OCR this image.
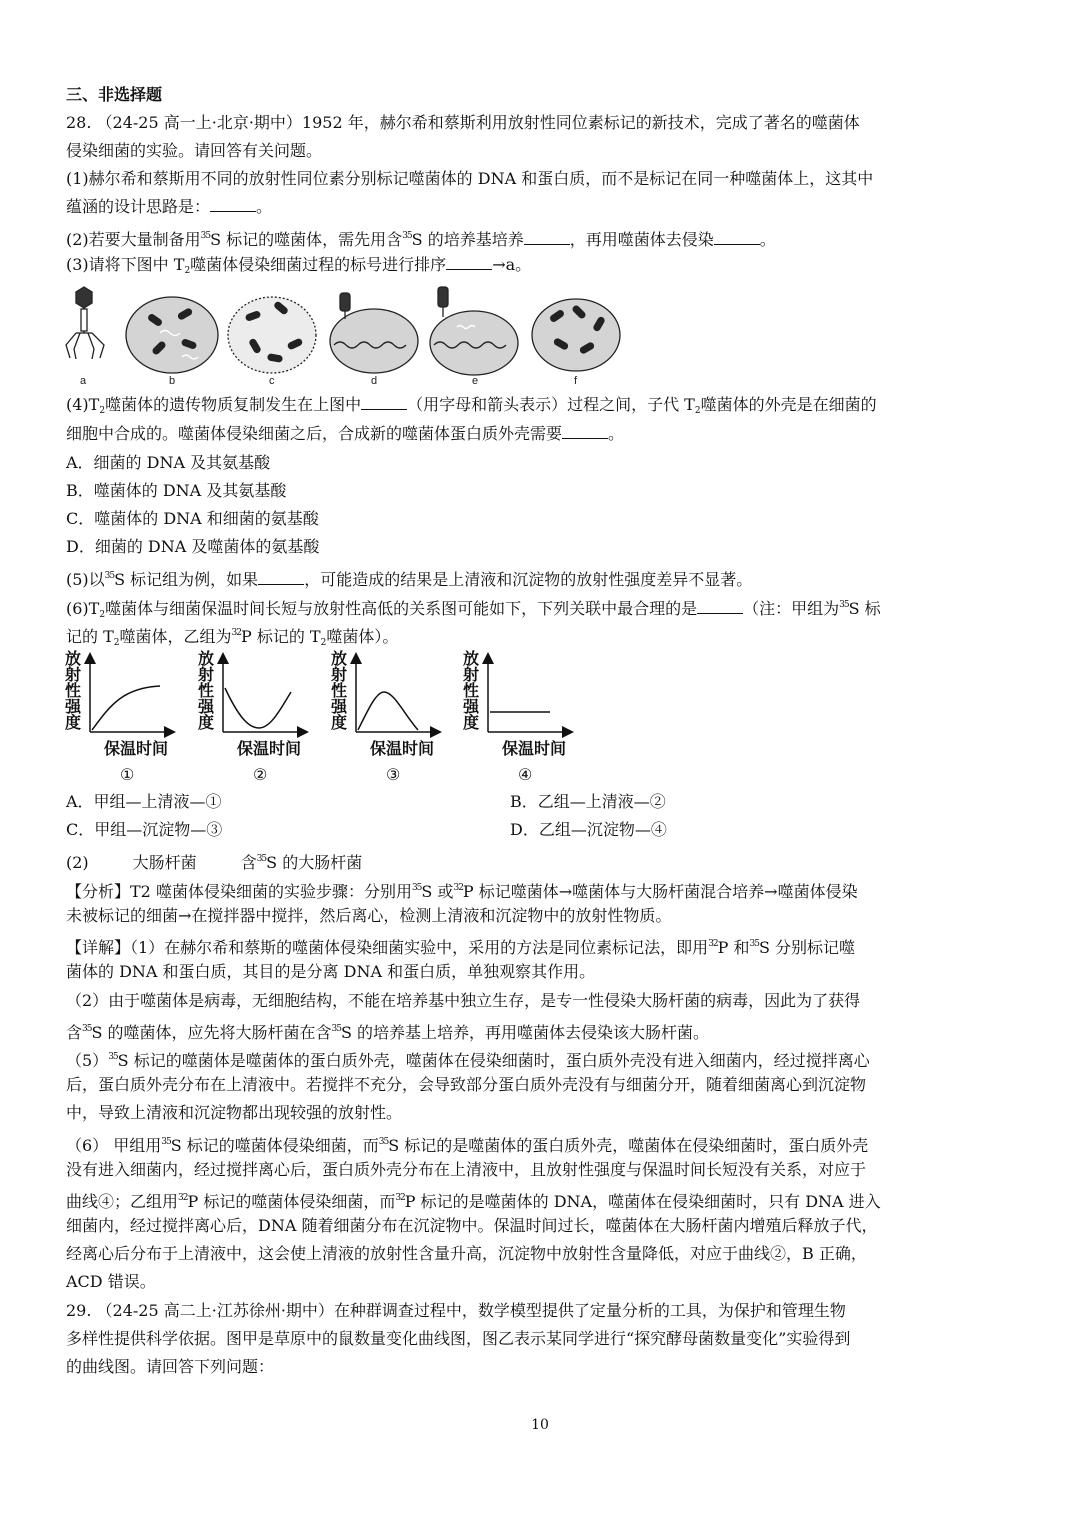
三、非选择题
28. （24-25 高一上·北京·期中）1952 年，赫尔希和蔡斯利用放射性同位素标记的新技术，完成了著名的噬菌体
侵染细菌的实验。请回答有关问题。
(1)赫尔希和蔡斯用不同的放射性同位素分别标记噬菌体的 DNA 和蛋白质，而不是标记在同一种噬菌体上，这其中
蕴涵的设计思路是：	。
(2)若要大量制备用$^{35}$S 标记的噬菌体，需先用含$^{35}$S 的培养基培养	，再用噬菌体去侵染	。
(3)请将下图中 $T_2$噬菌体侵染细菌过程的标号进行排序	→a。
a	b	c	d	e	f
$(4)T_2$噬菌体的遗传物质复制发生在上图中	（用字母和箭头表示）过程之间，子代 $T_2$噬菌体的外壳是在细菌的
细胞中合成的。噬菌体侵染细菌之后，合成新的噬菌体蛋白质外壳需要	。
A．细菌的 DNA 及其氨基酸
B．噬菌体的 DNA 及其氨基酸
C．噬菌体的 DNA 和细菌的氨基酸
D．细菌的 DNA 及噬菌体的氨基酸
(5)以$^{35}$S 标记组为例，如果	，可能造成的结果是上清液和沉淀物的放射性强度差异不显著。
$(6)T_2$噬菌体与细菌保温时间长短与放射性高低的关系图可能如下，下列关联中最合理的是	（注：甲组为$^{35}$S 标
记的 $T_2$噬菌体，乙组为$^{32}$P 标记的 $T_2$噬菌体）。
放射性强度
保温时间
①
放射性强度
保温时间
②
放射性强度
保温时间
③
放射性强度
保温时间
④
A．甲组—上清液—①	B．乙组—上清液—②
C．甲组—沉淀物—③	D．乙组—沉淀物—④
(2)	大肠杆菌	含$^{35}$S 的大肠杆菌
【分析】T2 噬菌体侵染细菌的实验步骤：分别用$^{35}$S 或$^{32}$P 标记噬菌体→噬菌体与大肠杆菌混合培养→噬菌体侵染
未被标记的细菌→在搅拌器中搅拌，然后离心，检测上清液和沉淀物中的放射性物质。
【详解】（1）在赫尔希和蔡斯的噬菌体侵染细菌实验中，采用的方法是同位素标记法，即用$^{32}$P 和$^{35}$S 分别标记噬
菌体的 DNA 和蛋白质，其目的是分离 DNA 和蛋白质，单独观察其作用。
（2）由于噬菌体是病毒，无细胞结构，不能在培养基中独立生存，是专一性侵染大肠杆菌的病毒，因此为了获得
含$^{35}$S 的噬菌体，应先将大肠杆菌在含$^{35}$S 的培养基上培养，再用噬菌体去侵染该大肠杆菌。
$(5)^{35}S$ 标记的噬菌体是噬菌体的蛋白质外壳，噬菌体在侵染细菌时，蛋白质外壳没有进入细菌内，经过搅拌离心
后，蛋白质外壳分布在上清液中。若搅拌不充分，会导致部分蛋白质外壳没有与细菌分开，随着细菌离心到沉淀物
中，导致上清液和沉淀物都出现较强的放射性。
（6） 甲组用$^{35}$S 标记的噬菌体侵染细菌，而$^{35}$S 标记的是噬菌体的蛋白质外壳，噬菌体在侵染细菌时，蛋白质外壳
没有进入细菌内，经过搅拌离心后，蛋白质外壳分布在上清液中，且放射性强度与保温时间长短没有关系，对应于
曲线④；乙组用$^{32}$P 标记的噬菌体侵染细菌，而$^{32}$P 标记的是噬菌体的 DNA，噬菌体在侵染细菌时，只有 DNA 进入
细菌内，经过搅拌离心后，DNA 随着细菌分布在沉淀物中。保温时间过长，噬菌体在大肠杆菌内增殖后释放子代，
经离心后分布于上清液中，这会使上清液的放射性含量升高，沉淀物中放射性含量降低，对应于曲线②，B 正确，
ACD 错误。
29. （24-25 高二上·江苏徐州·期中）在种群调查过程中，数学模型提供了定量分析的工具，为保护和管理生物
多样性提供科学依据。图甲是草原中的鼠数量变化曲线图，图乙表示某同学进行“探究酵母菌数量变化”实验得到
的曲线图。请回答下列问题：
10
